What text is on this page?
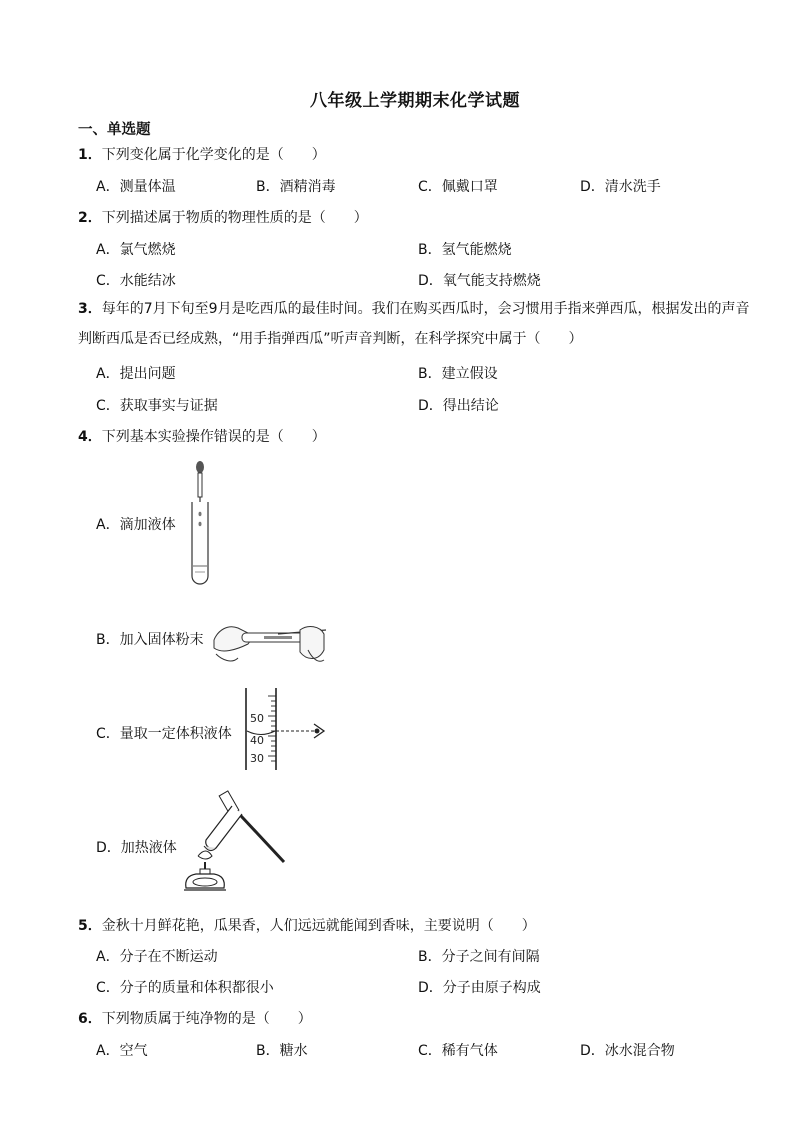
八年级上学期期末化学试题
一、单选题
1．下列变化属于化学变化的是（　　）
A．测量体温	B．酒精消毒	C．佩戴口罩	D．清水洗手
2．下列描述属于物质的物理性质的是（　　）
A．氯气燃烧	B．氢气能燃烧
C．水能结冰	D．氧气能支持燃烧
3．每年的7月下旬至9月是吃西瓜的最佳时间。我们在购买西瓜时，会习惯用手指来弹西瓜，根据发出的声音判断西瓜是否已经成熟，“用手指弹西瓜”听声音判断，在科学探究中属于（　　）
A．提出问题	B．建立假设
C．获取事实与证据	D．得出结论
4．下列基本实验操作错误的是（　　）
A．滴加液体
B．加入固体粉末
C．量取一定体积液体
50
40
30
D．加热液体
5．金秋十月鲜花艳，瓜果香，人们远远就能闻到香味，主要说明（　　）
A．分子在不断运动	B．分子之间有间隔
C．分子的质量和体积都很小	D．分子由原子构成
6．下列物质属于纯净物的是（　　）
A．空气	B．糖水	C．稀有气体	D．冰水混合物
